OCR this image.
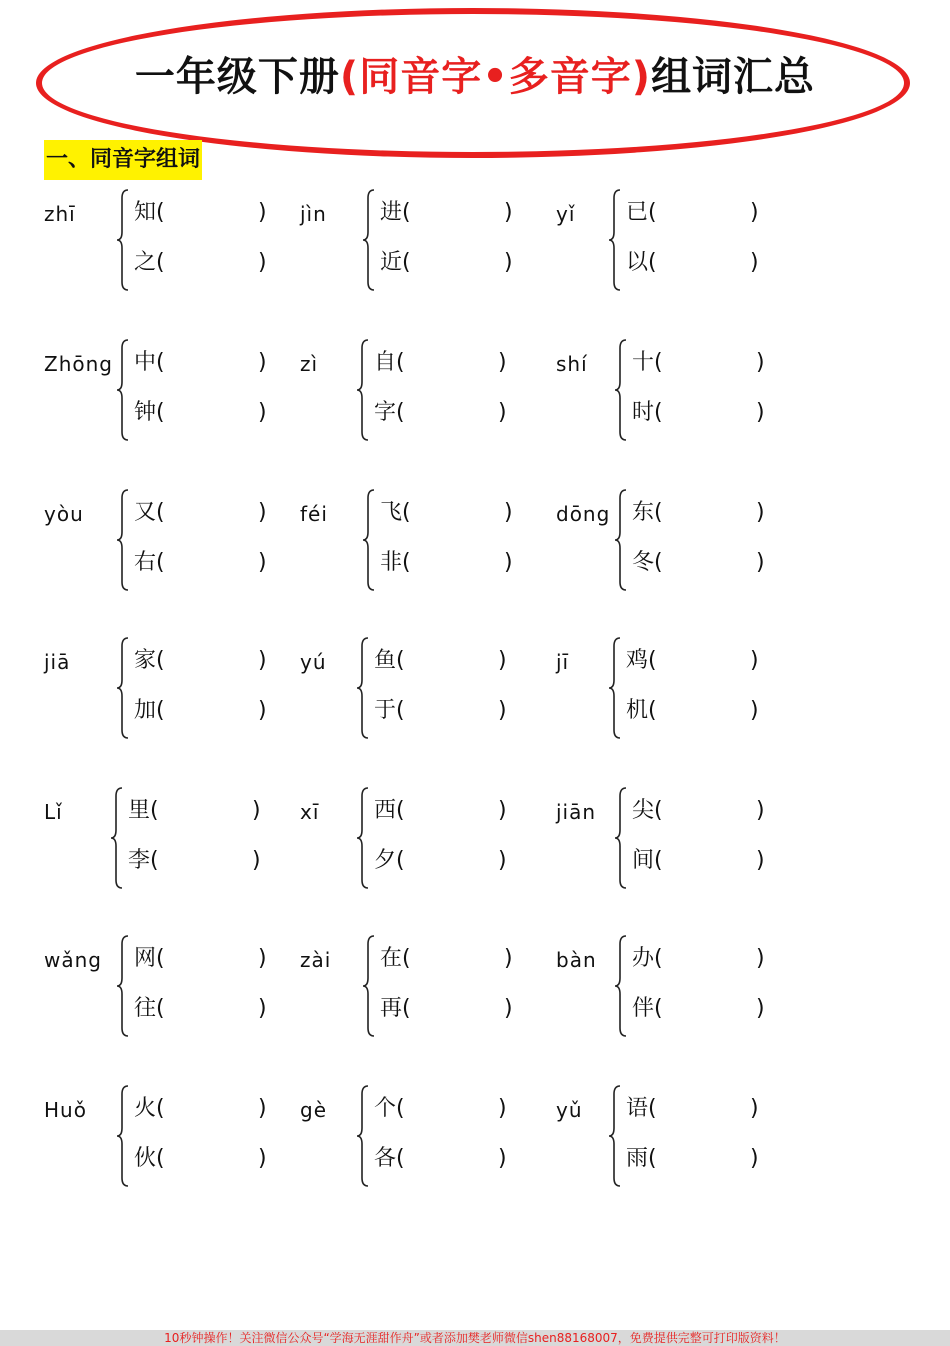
一年级下册(同音字•多音字)组词汇总
一、同音字组词
zhī	知(	)
之(	)
jìn 进(	)
近(	)
yǐ 已(	)
以(	)
Zhōng 中(	)
钟(	)
zì	自(	)
字(	)
shí 十(	)
时(	)
yòu 又(	)
右(	)
féi 飞(	)
非(	)
dōng 东(	)
冬(	)
jiā	家(	)
加(	)
yú 鱼(	)
于(	)
jī	鸡(	)
机(	)
Lǐ	里(	)
李(	)
xī 西(	)
夕(	)
jiān 尖(	)
间(	)
wǎng 网(	)
往(	)
zài 在(	)
再(	)
bàn 办(	)
伴(	)
Huǒ 火(	)
伙(	)
gè 个(	)
各(	)
yǔ 语(	)
雨(	)
10秒钟操作！关注微信公众号“学海无涯甜作舟”或者添加樊老师微信shen88168007，免费提供完整可打印版资料！
